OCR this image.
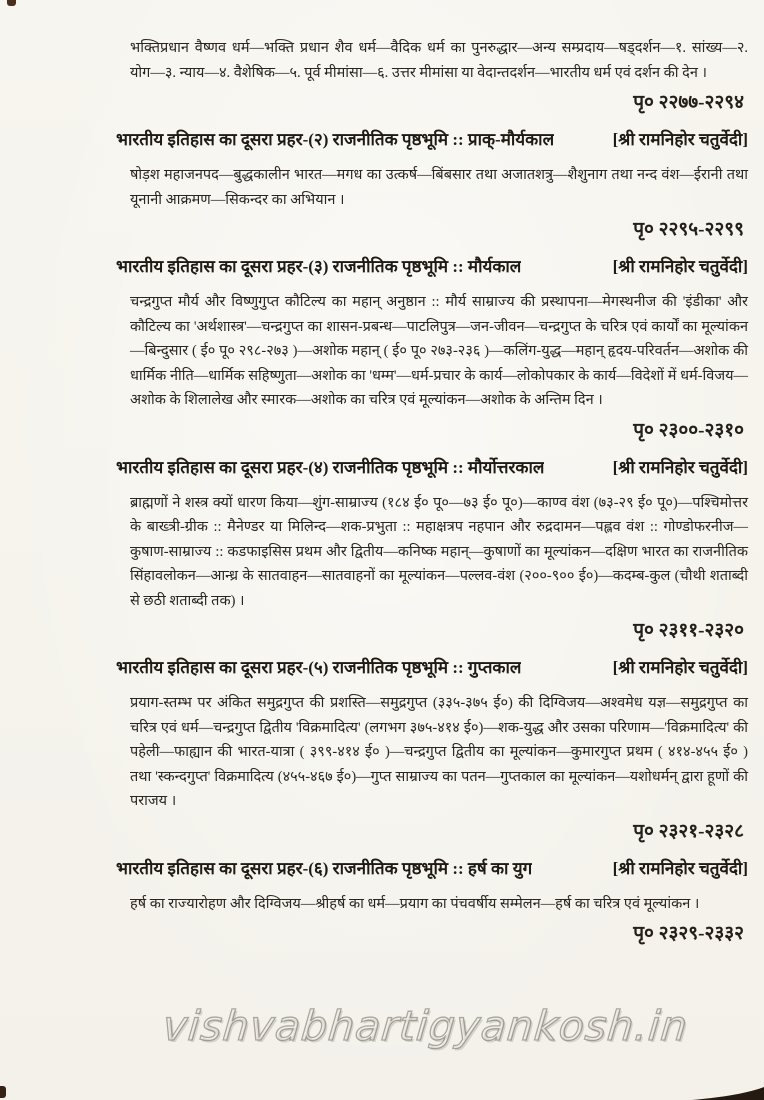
भक्तिप्रधान वैष्णव धर्म—भक्ति प्रधान शैव धर्म—वैदिक धर्म का पुनरुद्धार—अन्य सम्प्रदाय—षड्दर्शन—१. सांख्य—२. योग—३. न्याय—४. वैशेषिक—५. पूर्व मीमांसा—६. उत्तर मीमांसा या वेदान्तदर्शन—भारतीय धर्म एवं दर्शन की देन ।

पृ० २२७७-२२९४
भारतीय इतिहास का दूसरा प्रहर-(२) राजनीतिक पृष्ठभूमि :: प्राक्-मौर्यकाल	[श्री रामनिहोर चतुर्वेदी]

षोड़श महाजनपद—बुद्धकालीन भारत—मगध का उत्कर्ष—बिंबसार तथा अजातशत्रु—शैशुनाग तथा नन्द वंश—ईरानी तथा यूनानी आक्रमण—सिकन्दर का अभियान ।

पृ० २२९५-२२९९
भारतीय इतिहास का दूसरा प्रहर-(३) राजनीतिक पृष्ठभूमि :: मौर्यकाल	[श्री रामनिहोर चतुर्वेदी]

चन्द्रगुप्त मौर्य और विष्णुगुप्त कौटिल्य का महान् अनुष्ठान :: मौर्य साम्राज्य की प्रस्थापना—मेगस्थनीज की 'इंडीका' और कौटिल्य का 'अर्थशास्त्र'—चन्द्रगुप्त का शासन-प्रबन्ध—पाटलिपुत्र—जन-जीवन—चन्द्रगुप्त के चरित्र एवं कार्यों का मूल्यांकन—बिन्दुसार ( ई० पू० २९८-२७३ )—अशोक महान् ( ई० पू० २७३-२३६ )—कलिंग-युद्ध—महान् हृदय-परिवर्तन—अशोक की धार्मिक नीति—धार्मिक सहिष्णुता—अशोक का 'धम्म'—धर्म-प्रचार के कार्य—लोकोपकार के कार्य—विदेशों में धर्म-विजय—अशोक के शिलालेख और स्मारक—अशोक का चरित्र एवं मूल्यांकन—अशोक के अन्तिम दिन ।

पृ० २३००-२३१०
भारतीय इतिहास का दूसरा प्रहर-(४) राजनीतिक पृष्ठभूमि :: मौर्योत्तरकाल	[श्री रामनिहोर चतुर्वेदी]

ब्राह्मणों ने शस्त्र क्यों धारण किया—शुंग-साम्राज्य (१८४ ई० पू०—७३ ई० पू०)—काण्व वंश (७३-२९ ई० पू०)—पश्चिमोत्तर के बाख्त्री-ग्रीक :: मैनेण्डर या मिलिन्द—शक-प्रभुता :: महाक्षत्रप नहपान और रुद्रदामन—पह्लव वंश :: गोण्डोफरनीज—कुषाण-साम्राज्य :: कडफाइसिस प्रथम और द्वितीय—कनिष्क महान्—कुषाणों का मूल्यांकन—दक्षिण भारत का राजनीतिक सिंहावलोकन—आन्ध्र के सातवाहन—सातवाहनों का मूल्यांकन—पल्लव-वंश (२००-९०० ई०)—कदम्ब-कुल (चौथी शताब्दी से छठी शताब्दी तक) ।

पृ० २३११-२३२०
भारतीय इतिहास का दूसरा प्रहर-(५) राजनीतिक पृष्ठभूमि :: गुप्तकाल	[श्री रामनिहोर चतुर्वेदी]

प्रयाग-स्तम्भ पर अंकित समुद्रगुप्त की प्रशस्ति—समुद्रगुप्त (३३५-३७५ ई०) की दिग्विजय—अश्वमेध यज्ञ—समुद्रगुप्त का चरित्र एवं धर्म—चन्द्रगुप्त द्वितीय 'विक्रमादित्य' (लगभग ३७५-४१४ ई०)—शक-युद्ध और उसका परिणाम—'विक्रमादित्य' की पहेली—फाह्यान की भारत-यात्रा ( ३९९-४१४ ई० )—चन्द्रगुप्त द्वितीय का मूल्यांकन—कुमारगुप्त प्रथम ( ४१४-४५५ ई० ) तथा 'स्कन्दगुप्त' विक्रमादित्य (४५५-४६७ ई०)—गुप्त साम्राज्य का पतन—गुप्तकाल का मूल्यांकन—यशोधर्मन् द्वारा हूणों की पराजय ।

पृ० २३२१-२३२८
भारतीय इतिहास का दूसरा प्रहर-(६) राजनीतिक पृष्ठभूमि :: हर्ष का युग	[श्री रामनिहोर चतुर्वेदी]

हर्ष का राज्यारोहण और दिग्विजय—श्रीहर्ष का धर्म—प्रयाग का पंचवर्षीय सम्मेलन—हर्ष का चरित्र एवं मूल्यांकन ।

पृ० २३२९-२३३२
vishvabhartigyankosh.in
